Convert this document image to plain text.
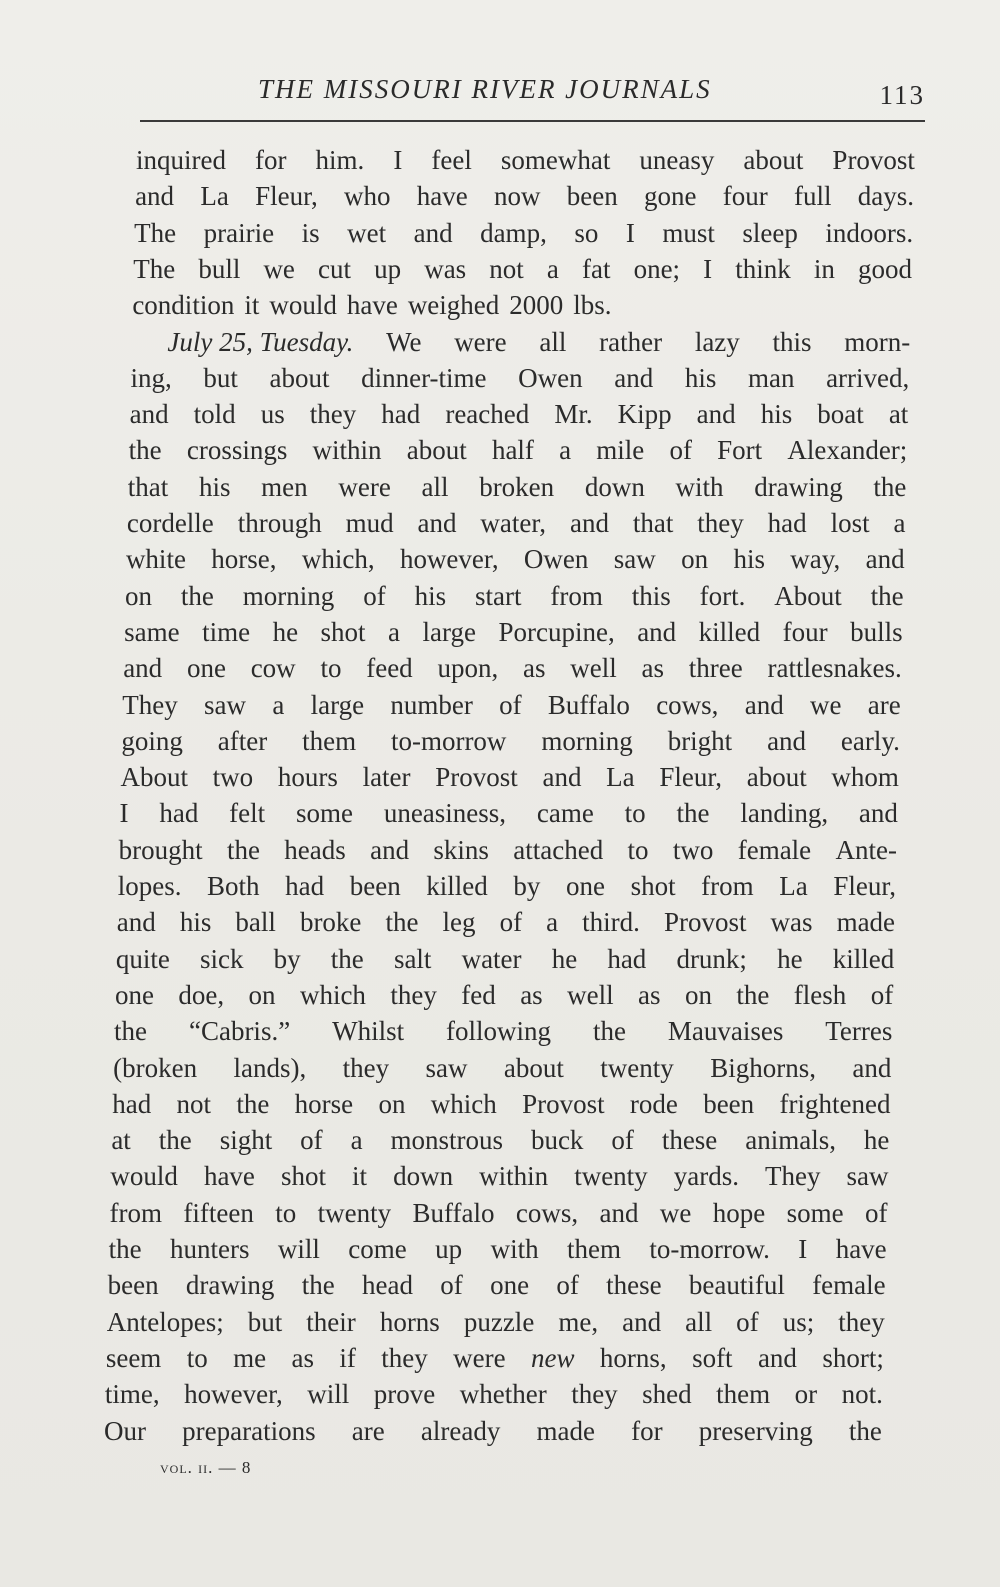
THE MISSOURI RIVER JOURNALS	113
inquired for him. I feel somewhat uneasy about Provost
and La Fleur, who have now been gone four full days.
The prairie is wet and damp, so I must sleep indoors.
The bull we cut up was not a fat one; I think in good
condition it would have weighed 2000 lbs.
July 25, Tuesday. We were all rather lazy this morn-
ing, but about dinner-time Owen and his man arrived,
and told us they had reached Mr. Kipp and his boat at
the crossings within about half a mile of Fort Alexander;
that his men were all broken down with drawing the
cordelle through mud and water, and that they had lost a
white horse, which, however, Owen saw on his way, and
on the morning of his start from this fort. About the
same time he shot a large Porcupine, and killed four bulls
and one cow to feed upon, as well as three rattlesnakes.
They saw a large number of Buffalo cows, and we are
going after them to-morrow morning bright and early.
About two hours later Provost and La Fleur, about whom
I had felt some uneasiness, came to the landing, and
brought the heads and skins attached to two female Ante-
lopes. Both had been killed by one shot from La Fleur,
and his ball broke the leg of a third. Provost was made
quite sick by the salt water he had drunk; he killed
one doe, on which they fed as well as on the flesh of
the “Cabris.” Whilst following the Mauvaises Terres
(broken lands), they saw about twenty Bighorns, and
had not the horse on which Provost rode been frightened
at the sight of a monstrous buck of these animals, he
would have shot it down within twenty yards. They saw
from fifteen to twenty Buffalo cows, and we hope some of
the hunters will come up with them to-morrow. I have
been drawing the head of one of these beautiful female
Antelopes; but their horns puzzle me, and all of us; they
seem to me as if they were new horns, soft and short;
time, however, will prove whether they shed them or not.
Our preparations are already made for preserving the
vol. ii. — 8
